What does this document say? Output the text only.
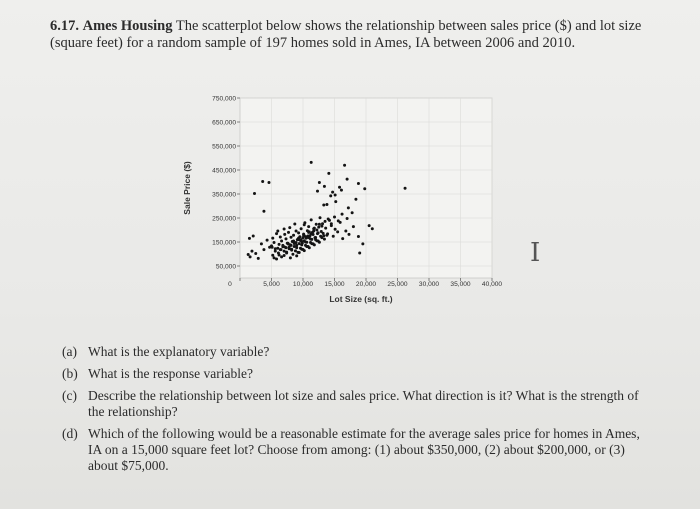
6.17. Ames Housing The scatterplot below shows the relationship between sales price ($) and lot size (square feet) for a random sample of 197 homes sold in Ames, IA between 2006 and 2010.
50,000
150,000
250,000
350,000
450,000
550,000
650,000
750,000
0	5,000 10,000 15,000 20,000 25,000 30,000 35,000 40,000
Sale Price ($)
Lot Size (sq. ft.)
I
(a) What is the explanatory variable?
(b) What is the response variable?
(c) Describe the relationship between lot size and sales price. What direction is it? What is the strength of the relationship?
(d) Which of the following would be a reasonable estimate for the average sales price for homes in Ames, IA on a 15,000 square feet lot? Choose from among: (1) about $350,000, (2) about $200,000, or (3) about $75,000.
